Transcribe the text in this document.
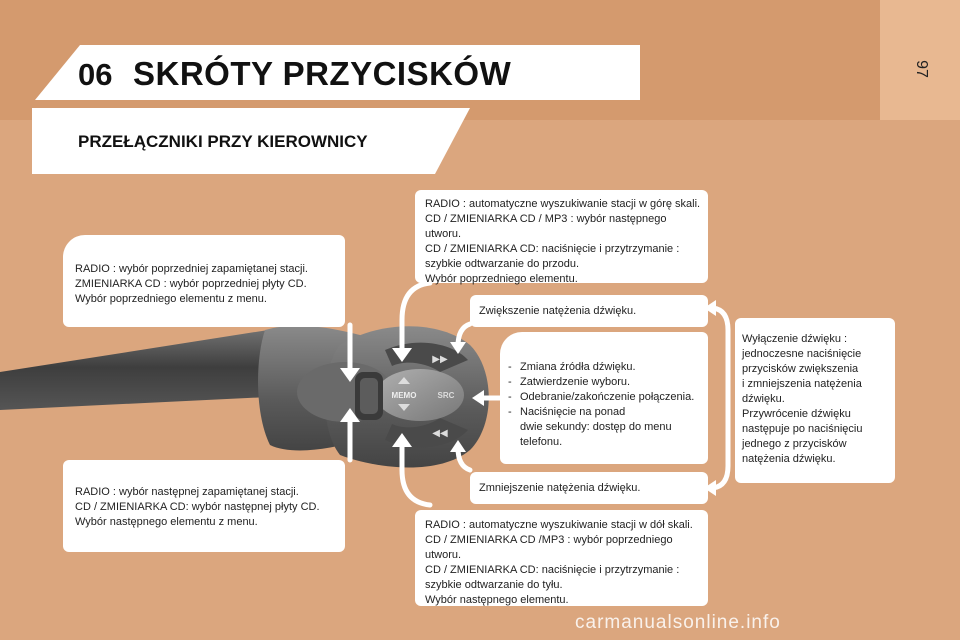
97
06 SKRÓTY PRZYCISKÓW
PRZEŁĄCZNIKI PRZY KIEROWNICY
MEMO	SRC
▶▶
◀◀

RADIO : wybór poprzedniej zapamiętanej stacji.
ZMIENIARKA CD : wybór poprzedniej płyty CD.
Wybór poprzedniego elementu z menu.

RADIO : wybór następnej zapamiętanej stacji.
CD / ZMIENIARKA CD: wybór następnej płyty CD.
Wybór następnego elementu z menu.

RADIO : automatyczne wyszukiwanie stacji w górę skali.
CD / ZMIENIARKA CD / MP3 : wybór następnego
utworu.
CD / ZMIENIARKA CD: naciśnięcie i przytrzymanie :
szybkie odtwarzanie do przodu.
Wybór poprzedniego elementu.

Zwiększenie natężenia dźwięku.

- Zmiana źródła dźwięku.
- Zatwierdzenie wyboru.
- Odebranie/zakończenie połączenia.
- Naciśnięcie na ponad
dwie sekundy: dostęp do menu
telefonu.

Zmniejszenie natężenia dźwięku.

RADIO : automatyczne wyszukiwanie stacji w dół skali.
CD / ZMIENIARKA CD /MP3 : wybór poprzedniego
utworu.
CD / ZMIENIARKA CD: naciśnięcie i przytrzymanie :
szybkie odtwarzanie do tyłu.
Wybór następnego elementu.

Wyłączenie dźwięku :
jednoczesne naciśnięcie
przycisków zwiększenia
i zmniejszenia natężenia
dźwięku.
Przywrócenie dźwięku
następuje po naciśnięciu
jednego z przycisków
natężenia dźwięku.

carmanualsonline.info
